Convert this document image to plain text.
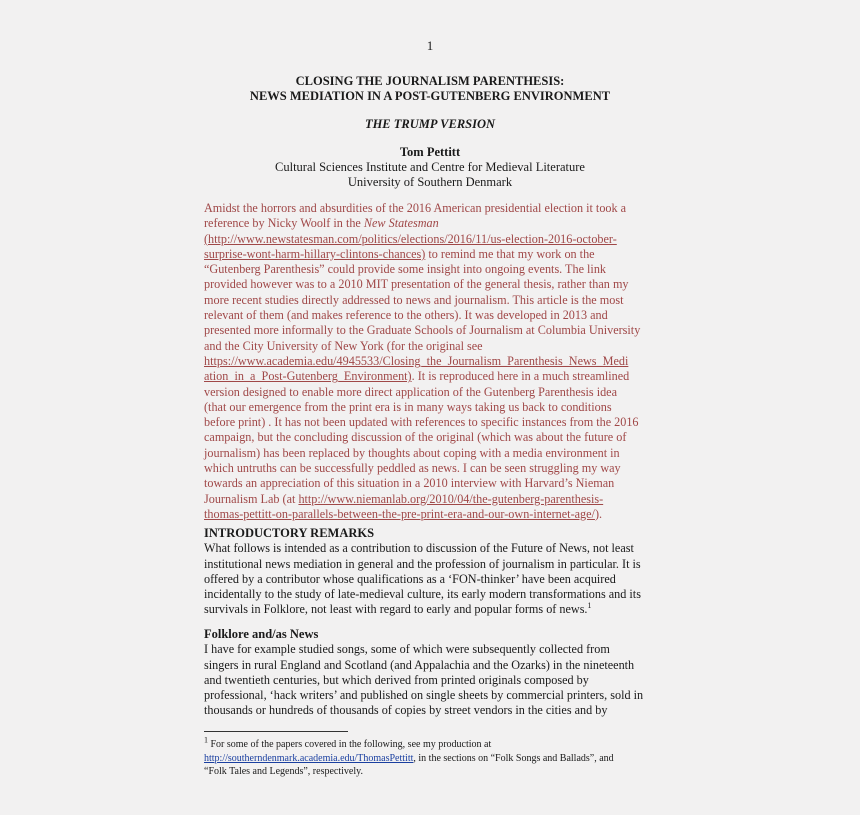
1
CLOSING THE JOURNALISM PARENTHESIS:
NEWS MEDIATION IN A POST-GUTENBERG ENVIRONMENT
THE TRUMP VERSION
Tom Pettitt
Cultural Sciences Institute and Centre for Medieval Literature
University of Southern Denmark
Amidst the horrors and absurdities of the 2016 American presidential election it took a
reference by Nicky Woolf in the New Statesman
(http://www.newstatesman.com/politics/elections/2016/11/us-election-2016-october-
surprise-wont-harm-hillary-clintons-chances) to remind me that my work on the
“Gutenberg Parenthesis” could provide some insight into ongoing events. The link
provided however was to a 2010 MIT presentation of the general thesis, rather than my
more recent studies directly addressed to news and journalism. This article is the most
relevant of them (and makes reference to the others). It was developed in 2013 and
presented more informally to the Graduate Schools of Journalism at Columbia University
and the City University of New York (for the original see
https://www.academia.edu/4945533/Closing_the_Journalism_Parenthesis_News_Medi
ation_in_a_Post-Gutenberg_Environment). It is reproduced here in a much streamlined
version designed to enable more direct application of the Gutenberg Parenthesis idea
(that our emergence from the print era is in many ways taking us back to conditions
before print) . It has not been updated with references to specific instances from the 2016
campaign, but the concluding discussion of the original (which was about the future of
journalism) has been replaced by thoughts about coping with a media environment in
which untruths can be successfully peddled as news. I can be seen struggling my way
towards an appreciation of this situation in a 2010 interview with Harvard’s Nieman
Journalism Lab (at http://www.niemanlab.org/2010/04/the-gutenberg-parenthesis-
thomas-pettitt-on-parallels-between-the-pre-print-era-and-our-own-internet-age/).
INTRODUCTORY REMARKS
What follows is intended as a contribution to discussion of the Future of News, not least
institutional news mediation in general and the profession of journalism in particular. It is
offered by a contributor whose qualifications as a ‘FON-thinker’ have been acquired
incidentally to the study of late-medieval culture, its early modern transformations and its
survivals in Folklore, not least with regard to early and popular forms of news.$^1$
Folklore and/as News
I have for example studied songs, some of which were subsequently collected from
singers in rural England and Scotland (and Appalachia and the Ozarks) in the nineteenth
and twentieth centuries, but which derived from printed originals composed by
professional, ‘hack writers’ and published on single sheets by commercial printers, sold in
thousands or hundreds of thousands of copies by street vendors in the cities and by
$^1$ For some of the papers covered in the following, see my production at
http://southerndenmark.academia.edu/ThomasPettitt, in the sections on “Folk Songs and Ballads”, and
“Folk Tales and Legends”, respectively.
